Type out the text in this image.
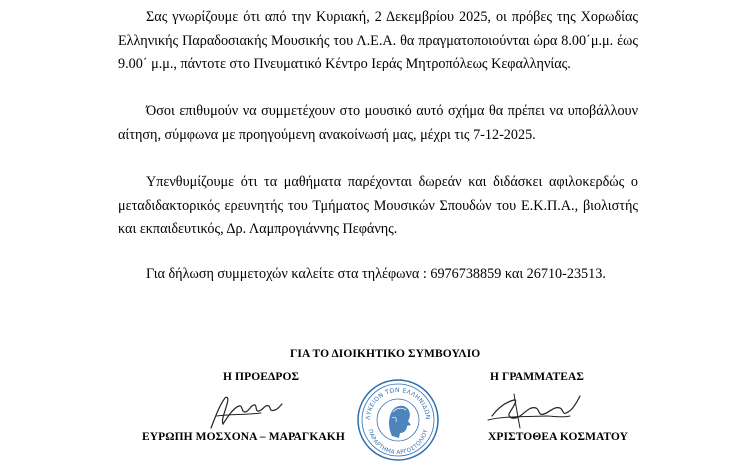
Σας γνωρίζουμε ότι από την Κυριακή, 2 Δεκεμβρίου 2025, οι πρόβες της Χορωδίας Ελληνικής Παραδοσιακής Μουσικής του Λ.Ε.Α. θα πραγματοποιούνται ώρα 8.00΄μ.μ. έως 9.00΄ μ.μ., πάντοτε στο Πνευματικό Κέντρο Ιεράς Μητροπόλεως Κεφαλληνίας.

Όσοι επιθυμούν να συμμετέχουν στο μουσικό αυτό σχήμα θα πρέπει να υποβάλλουν αίτηση, σύμφωνα με προηγούμενη ανακοίνωσή μας, μέχρι τις 7-12-2025.

Υπενθυμίζουμε ότι τα μαθήματα παρέχονται δωρεάν και διδάσκει αφιλοκερδώς ο μεταδιδακτορικός ερευνητής του Τμήματος Μουσικών Σπουδών του Ε.Κ.Π.Α., βιολιστής και εκπαιδευτικός, Δρ. Λαμπρογιάννης Πεφάνης.

Για δήλωση συμμετοχών καλείτε στα τηλέφωνα : 6976738859 και 26710-23513.

ΓΙΑ ΤΟ ΔΙΟΙΚΗΤΙΚΟ ΣΥΜΒΟΥΛΙΟ
Η ΠΡΟΕΔΡΟΣ	Η ΓΡΑΜΜΑΤΕΑΣ
ΛΥΚΕΙΟΝ ΤΩΝ ΕΛΛΗΝΙΔΩΝ
ΠΑΡΑΡΤΗΜΑ ΑΡΓΟΣΤΟΛΙΟΥ
ΕΥΡΩΠΗ ΜΟΣΧΟΝΑ – ΜΑΡΑΓΚΑΚΗ	ΧΡΙΣΤΟΘΕΑ ΚΟΣΜΑΤΟΥ
